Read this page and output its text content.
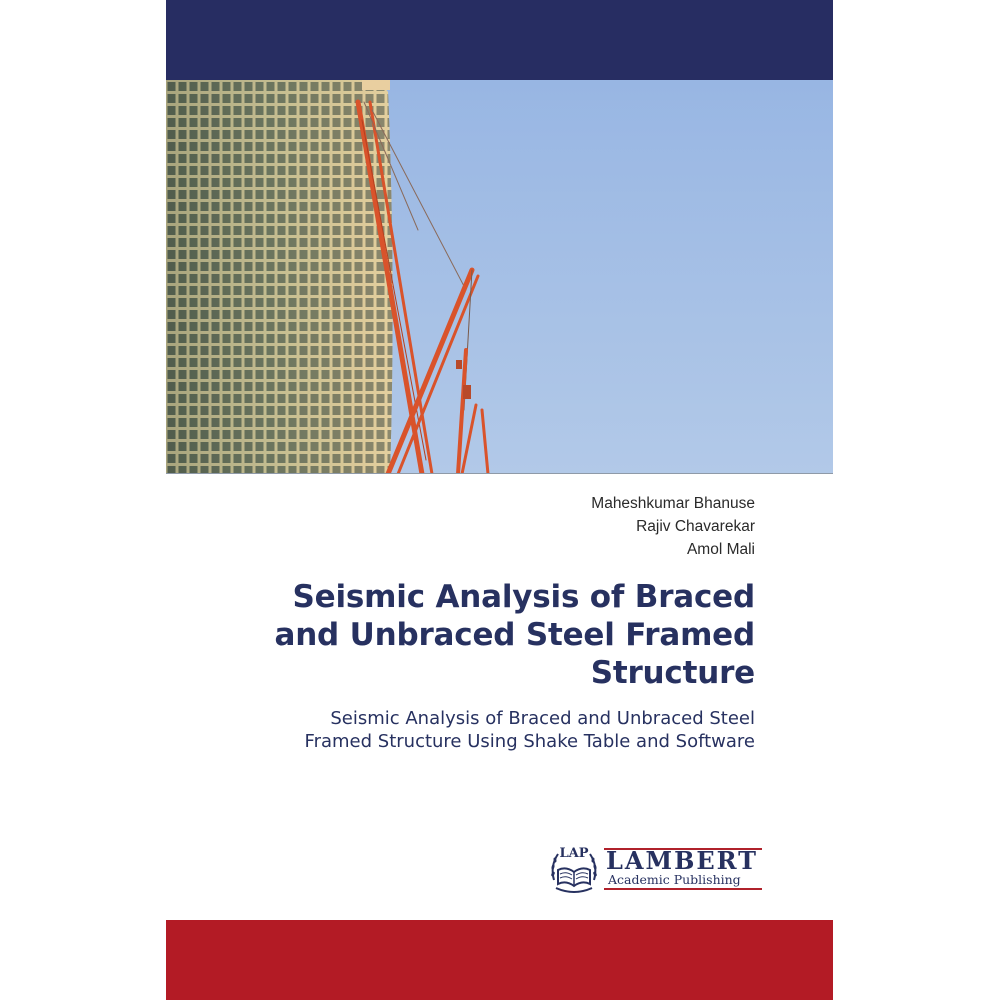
Maheshkumar Bhanuse
Rajiv Chavarekar
Amol Mali
Seismic Analysis of Braced
and Unbraced Steel Framed
Structure
Seismic Analysis of Braced and Unbraced Steel
Framed Structure Using Shake Table and Software
LAP LAMBERT
Academic Publishing
